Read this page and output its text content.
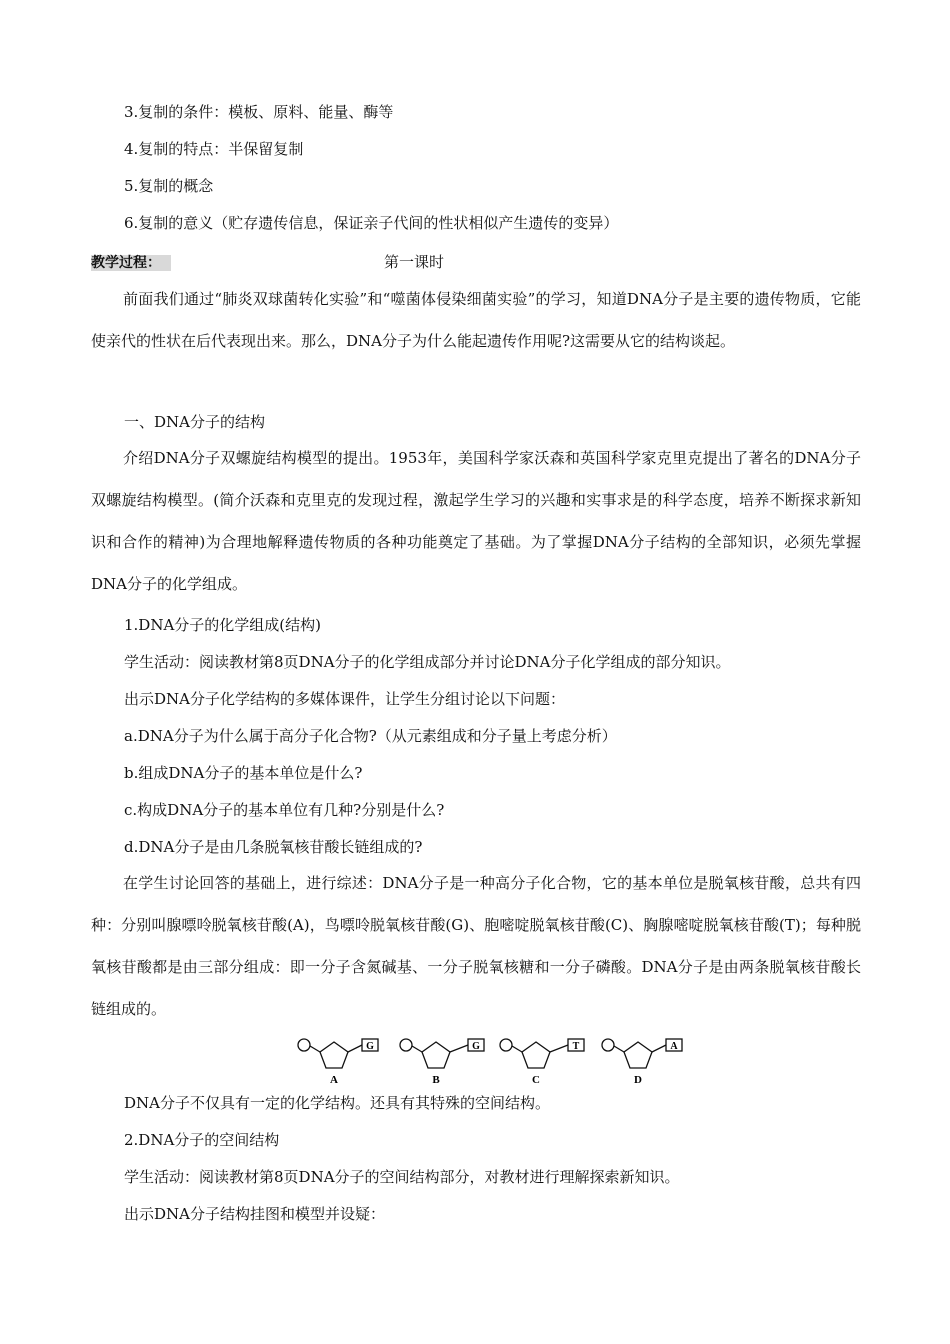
3.复制的条件：模板、原料、能量、酶等
4.复制的特点：半保留复制
5.复制的概念
6.复制的意义（贮存遗传信息，保证亲子代间的性状相似产生遗传的变异）
教学过程：	第一课时

前面我们通过“肺炎双球菌转化实验”和“噬菌体侵染细菌实验”的学习，知道DNA分子是主要的遗传物质，它能使亲代的性状在后代表现出来。那么，DNA分子为什么能起遗传作用呢?这需要从它的结构谈起。

一、DNA分子的结构

介绍DNA分子双螺旋结构模型的提出。1953年，美国科学家沃森和英国科学家克里克提出了著名的DNA分子双螺旋结构模型。(简介沃森和克里克的发现过程，激起学生学习的兴趣和实事求是的科学态度，培养不断探求新知识和合作的精神)为合理地解释遗传物质的各种功能奠定了基础。为了掌握DNA分子结构的全部知识，必须先掌握DNA分子的化学组成。

1.DNA分子的化学组成(结构)
学生活动：阅读教材第8页DNA分子的化学组成部分并讨论DNA分子化学组成的部分知识。
出示DNA分子化学结构的多媒体课件，让学生分组讨论以下问题：
a.DNA分子为什么属于高分子化合物?（从元素组成和分子量上考虑分析）
b.组成DNA分子的基本单位是什么?
c.构成DNA分子的基本单位有几种?分别是什么?
d.DNA分子是由几条脱氧核苷酸长链组成的?

在学生讨论回答的基础上，进行综述：DNA分子是一种高分子化合物，它的基本单位是脱氧核苷酸，总共有四种：分别叫腺嘌呤脱氧核苷酸(A)，鸟嘌呤脱氧核苷酸(G)、胞嘧啶脱氧核苷酸(C)、胸腺嘧啶脱氧核苷酸(T)；每种脱氧核苷酸都是由三部分组成：即一分子含氮碱基、一分子脱氧核糖和一分子磷酸。DNA分子是由两条脱氧核苷酸长链组成的。

G
A
G
B
T
C
A
D
DNA分子不仅具有一定的化学结构。还具有其特殊的空间结构。
2.DNA分子的空间结构
学生活动：阅读教材第8页DNA分子的空间结构部分，对教材进行理解探索新知识。
出示DNA分子结构挂图和模型并设疑：
